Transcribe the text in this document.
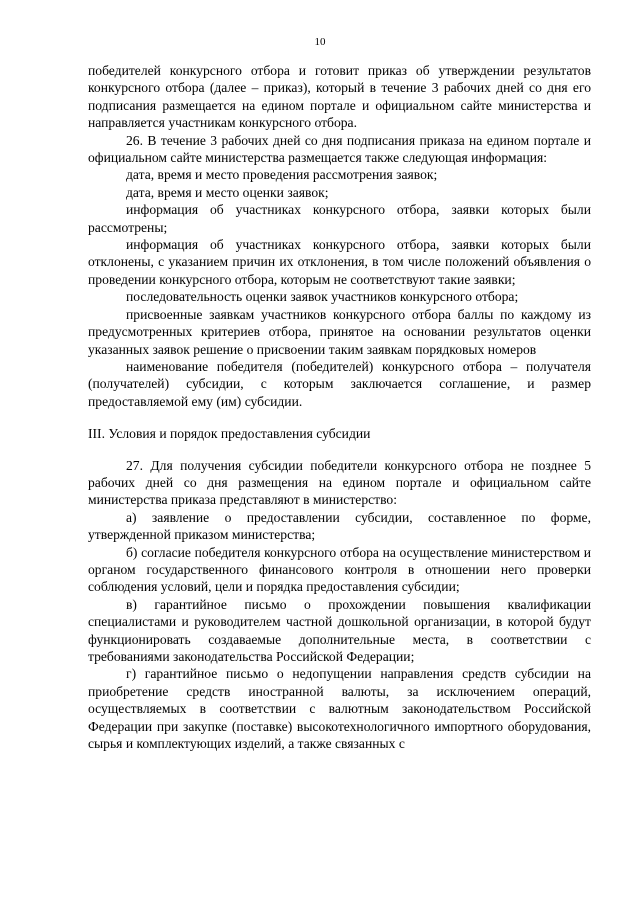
10

победителей конкурсного отбора и готовит приказ об утверждении результатов конкурсного отбора (далее – приказ), который в течение 3 рабочих дней со дня его подписания размещается на едином портале и официальном сайте министерства и направляется участникам конкурсного отбора.

26. В течение 3 рабочих дней со дня подписания приказа на едином портале и официальном сайте министерства размещается также следующая информация:

дата, время и место проведения рассмотрения заявок;

дата, время и место оценки заявок;

информация об участниках конкурсного отбора, заявки которых были рассмотрены;

информация об участниках конкурсного отбора, заявки которых были отклонены, с указанием причин их отклонения, в том числе положений объявления о проведении конкурсного отбора, которым не соответствуют такие заявки;

последовательность оценки заявок участников конкурсного отбора;

присвоенные заявкам участников конкурсного отбора баллы по каждому из предусмотренных критериев отбора, принятое на основании результатов оценки указанных заявок решение о присвоении таким заявкам порядковых номеров

наименование победителя (победителей) конкурсного отбора – получателя (получателей) субсидии, с которым заключается соглашение, и размер предоставляемой ему (им) субсидии.

III. Условия и порядок предоставления субсидии

27. Для получения субсидии победители конкурсного отбора не позднее 5 рабочих дней со дня размещения на едином портале и официальном сайте министерства приказа представляют в министерство:

а) заявление о предоставлении субсидии, составленное по форме, утвержденной приказом министерства;

б) согласие победителя конкурсного отбора на осуществление министерством и органом государственного финансового контроля в отношении него проверки соблюдения условий, цели и порядка предоставления субсидии;

в) гарантийное письмо о прохождении повышения квалификации специалистами и руководителем частной дошкольной организации, в которой будут функционировать создаваемые дополнительные места, в соответствии с требованиями законодательства Российской Федерации;

г) гарантийное письмо о недопущении направления средств субсидии на приобретение средств иностранной валюты, за исключением операций, осуществляемых в соответствии с валютным законодательством Российской Федерации при закупке (поставке) высокотехнологичного импортного оборудования, сырья и комплектующих изделий, а также связанных с
